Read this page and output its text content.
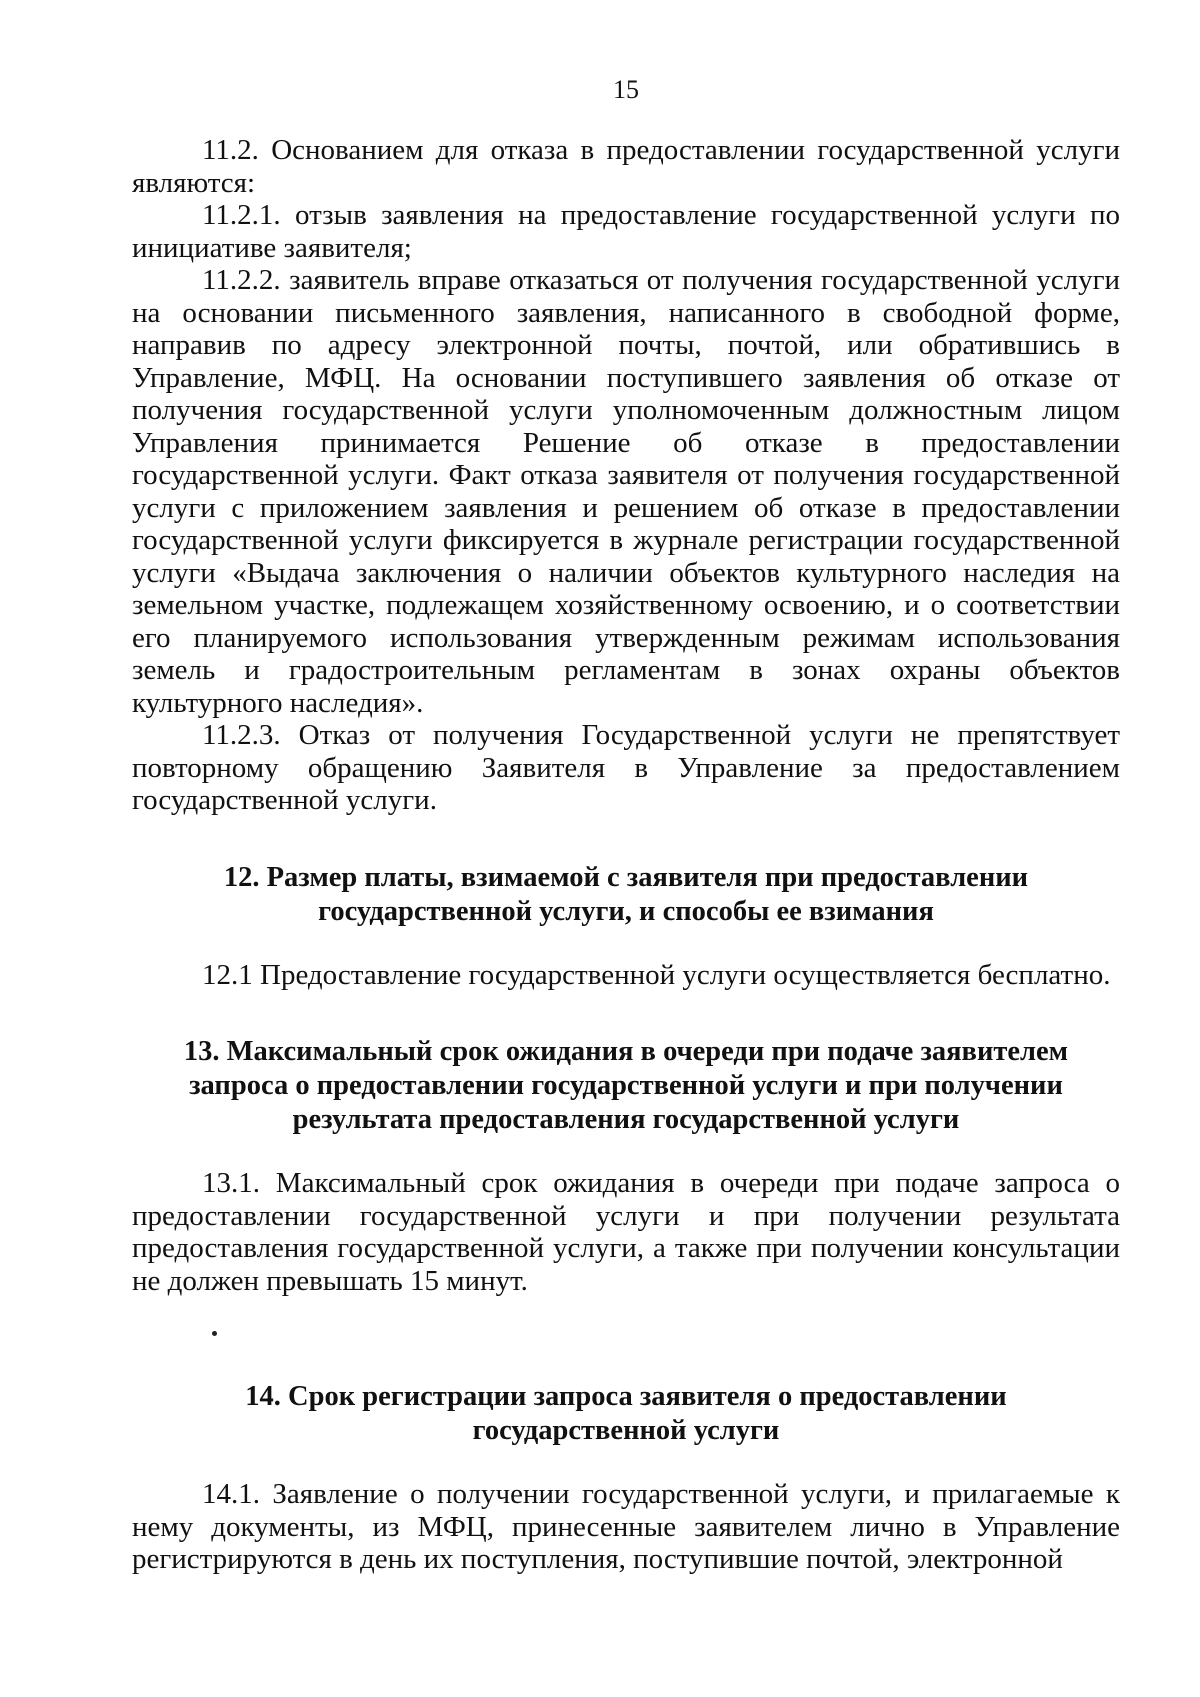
15

11.2. Основанием для отказа в предоставлении государственной услуги являются:

11.2.1. отзыв заявления на предоставление государственной услуги по инициативе заявителя;

11.2.2. заявитель вправе отказаться от получения государственной услуги на основании письменного заявления, написанного в свободной форме, направив по адресу электронной почты, почтой, или обратившись в Управление, МФЦ. На основании поступившего заявления об отказе от получения государственной услуги уполномоченным должностным лицом Управления принимается Решение об отказе в предоставлении государственной услуги. Факт отказа заявителя от получения государственной услуги с приложением заявления и решением об отказе в предоставлении государственной услуги фиксируется в журнале регистрации государственной услуги «Выдача заключения о наличии объектов культурного наследия на земельном участке, подлежащем хозяйственному освоению, и о соответствии его планируемого использования утвержденным режимам использования земель и градостроительным регламентам в зонах охраны объектов культурного наследия».

11.2.3. Отказ от получения Государственной услуги не препятствует повторному обращению Заявителя в Управление за предоставлением государственной услуги.

12. Размер платы, взимаемой с заявителя при предоставлении
государственной услуги, и способы ее взимания

12.1 Предоставление государственной услуги осуществляется бесплатно.

13. Максимальный срок ожидания в очереди при подаче заявителем
запроса о предоставлении государственной услуги и при получении
результата предоставления государственной услуги

13.1. Максимальный срок ожидания в очереди при подаче запроса о предоставлении государственной услуги и при получении результата предоставления государственной услуги, а также при получении консультации не должен превышать 15 минут.

14. Срок регистрации запроса заявителя о предоставлении
государственной услуги

14.1. Заявление о получении государственной услуги, и прилагаемые к нему документы, из МФЦ, принесенные заявителем лично в Управление регистрируются в день их поступления, поступившие почтой, электронной
